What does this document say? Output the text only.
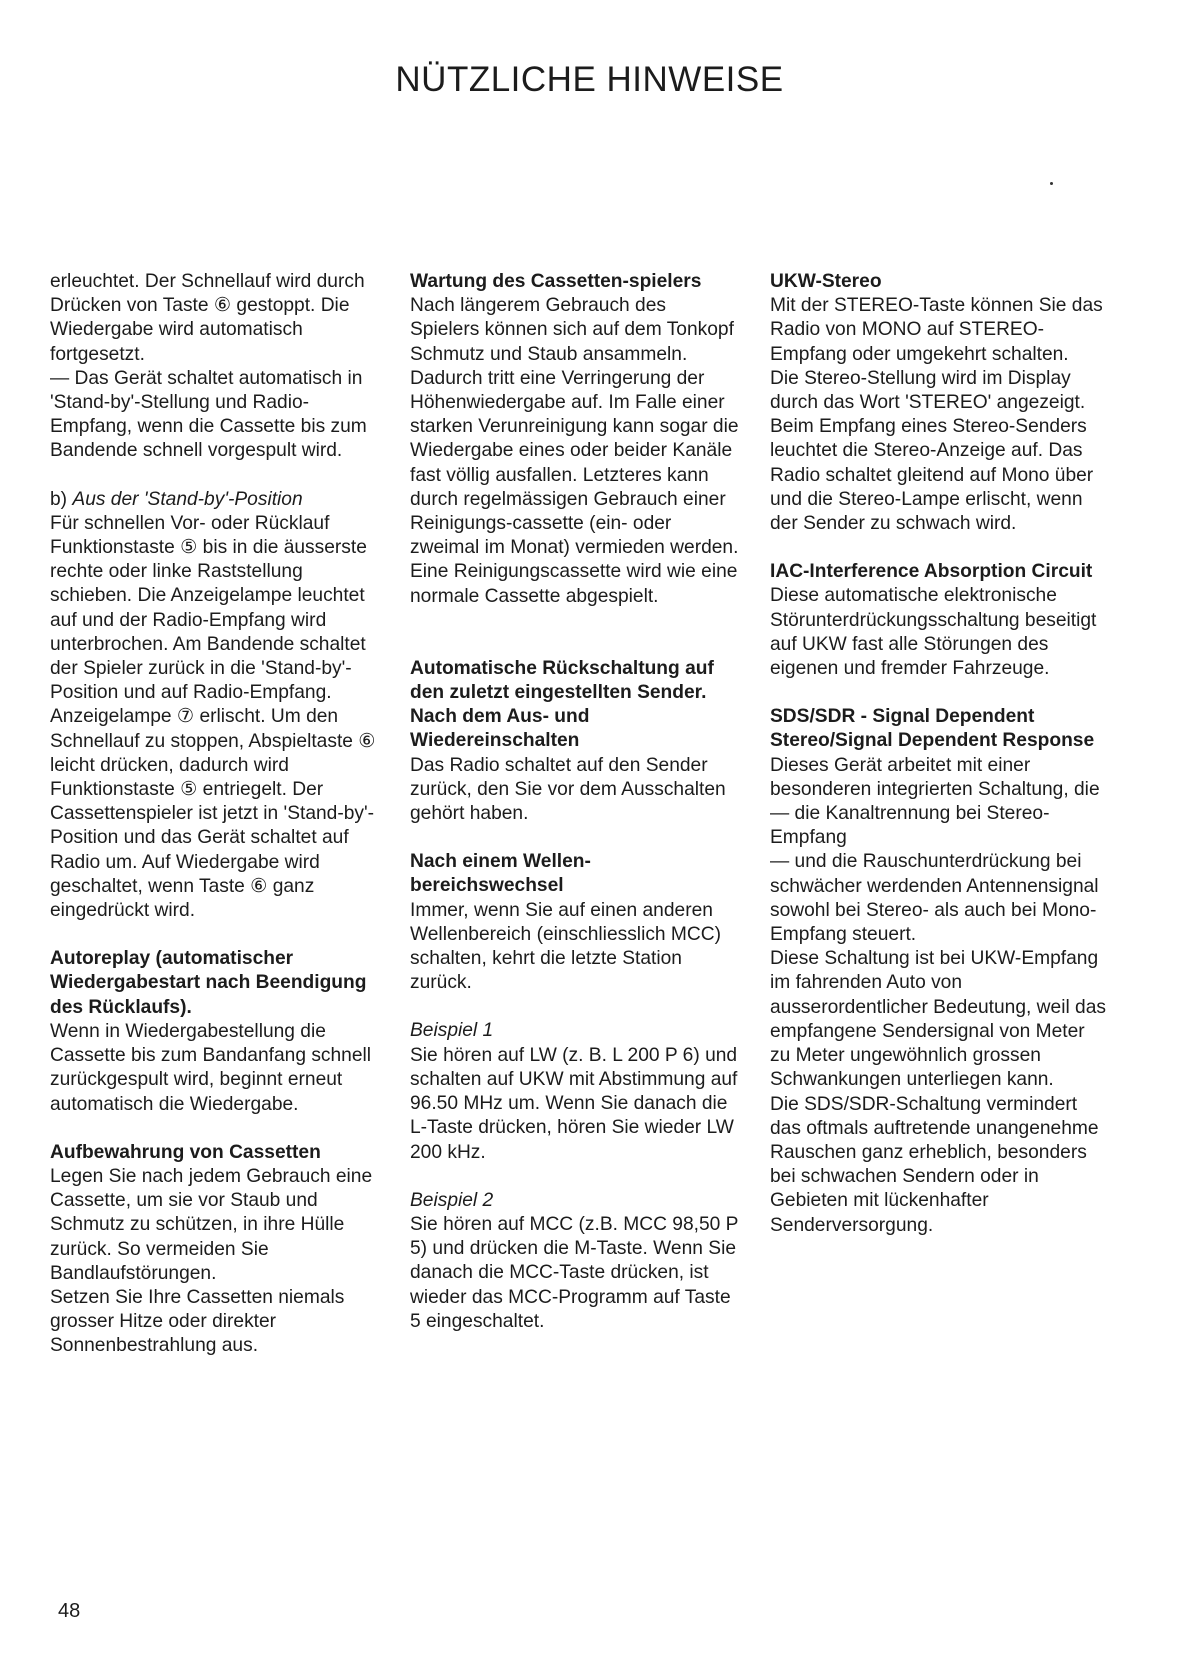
NÜTZLICHE HINWEISE

erleuchtet. Der Schnellauf wird durch Drücken von Taste ⑥ gestoppt. Die Wiedergabe wird automatisch fortgesetzt.

— Das Gerät schaltet automatisch in 'Stand-by'-Stellung und Radio-Empfang, wenn die Cassette bis zum Bandende schnell vorgespult wird.

b) Aus der 'Stand-by'-Position

Für schnellen Vor- oder Rücklauf Funktionstaste ⑤ bis in die äusserste rechte oder linke Raststellung schieben. Die Anzeigelampe leuchtet auf und der Radio-Empfang wird unterbrochen. Am Bandende schaltet der Spieler zurück in die 'Stand-by'-Position und auf Radio-Empfang. Anzeigelampe ⑦ erlischt. Um den Schnellauf zu stoppen, Abspieltaste ⑥ leicht drücken, dadurch wird Funktionstaste ⑤ entriegelt. Der Cassettenspieler ist jetzt in 'Stand-by'-Position und das Gerät schaltet auf Radio um. Auf Wiedergabe wird geschaltet, wenn Taste ⑥ ganz eingedrückt wird.

Autoreplay (automatischer Wiedergabestart nach Beendigung des Rücklaufs).

Wenn in Wiedergabestellung die Cassette bis zum Bandanfang schnell zurückgespult wird, beginnt erneut automatisch die Wiedergabe.

Aufbewahrung von Cassetten

Legen Sie nach jedem Gebrauch eine Cassette, um sie vor Staub und Schmutz zu schützen, in ihre Hülle zurück. So vermeiden Sie Bandlaufstörungen.

Setzen Sie Ihre Cassetten niemals grosser Hitze oder direkter Sonnenbestrahlung aus.

Wartung des Cassetten-spielers

Nach längerem Gebrauch des Spielers können sich auf dem Tonkopf Schmutz und Staub ansammeln. Dadurch tritt eine Verringerung der Höhenwiedergabe auf. Im Falle einer starken Verunreinigung kann sogar die Wiedergabe eines oder beider Kanäle fast völlig ausfallen. Letzteres kann durch regelmässigen Gebrauch einer Reinigungs-cassette (ein- oder zweimal im Monat) vermieden werden. Eine Reinigungscassette wird wie eine normale Cassette abgespielt.

Automatische Rückschaltung auf den zuletzt eingestellten Sender.

Nach dem Aus- und Wiedereinschalten

Das Radio schaltet auf den Sender zurück, den Sie vor dem Ausschalten gehört haben.

Nach einem Wellen-bereichswechsel

Immer, wenn Sie auf einen anderen Wellenbereich (einschliesslich MCC) schalten, kehrt die letzte Station zurück.

Beispiel 1

Sie hören auf LW (z. B. L 200 P 6) und schalten auf UKW mit Abstimmung auf 96.50 MHz um. Wenn Sie danach die L-Taste drücken, hören Sie wieder LW 200 kHz.

Beispiel 2

Sie hören auf MCC (z.B. MCC 98,50 P 5) und drücken die M-Taste. Wenn Sie danach die MCC-Taste drücken, ist wieder das MCC-Programm auf Taste 5 eingeschaltet.

UKW-Stereo

Mit der STEREO-Taste können Sie das Radio von MONO auf STEREO-Empfang oder umgekehrt schalten.

Die Stereo-Stellung wird im Display durch das Wort 'STEREO' angezeigt. Beim Empfang eines Stereo-Senders leuchtet die Stereo-Anzeige auf. Das Radio schaltet gleitend auf Mono über und die Stereo-Lampe erlischt, wenn der Sender zu schwach wird.

IAC-Interference Absorption Circuit

Diese automatische elektronische Störunterdrückungsschaltung beseitigt auf UKW fast alle Störungen des eigenen und fremder Fahrzeuge.

SDS/SDR - Signal Dependent Stereo/Signal Dependent Response

Dieses Gerät arbeitet mit einer besonderen integrierten Schaltung, die

— die Kanaltrennung bei Stereo-Empfang

— und die Rauschunterdrückung bei schwächer werdenden Antennensignal sowohl bei Stereo- als auch bei Mono-Empfang steuert.

Diese Schaltung ist bei UKW-Empfang im fahrenden Auto von ausserordentlicher Bedeutung, weil das empfangene Sendersignal von Meter zu Meter ungewöhnlich grossen Schwankungen unterliegen kann.

Die SDS/SDR-Schaltung vermindert das oftmals auftretende unangenehme Rauschen ganz erheblich, besonders bei schwachen Sendern oder in Gebieten mit lückenhafter Senderversorgung.

48
